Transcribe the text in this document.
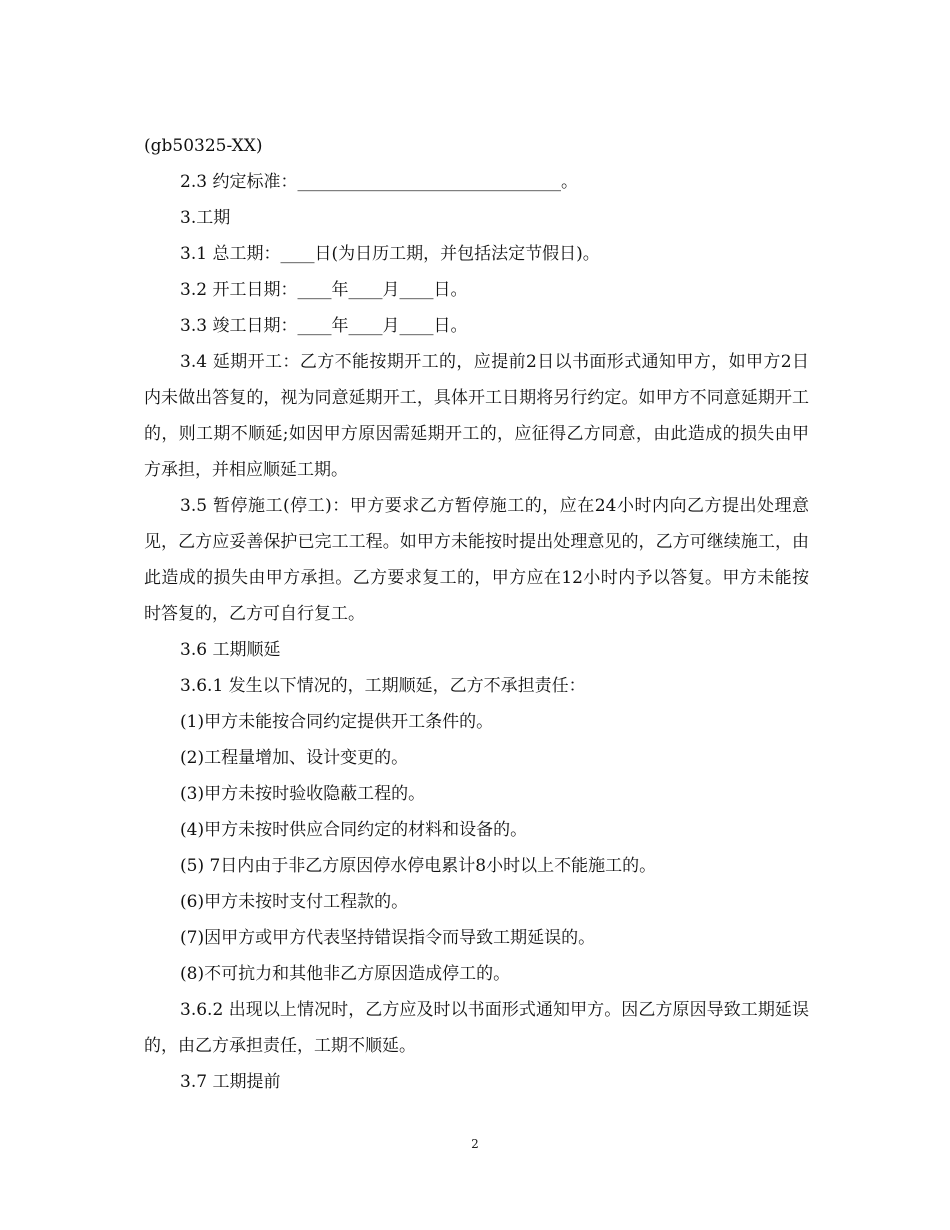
(gb50325-XX)

2.3 约定标准：_______________________________。

3.工期

3.1 总工期：____日(为日历工期，并包括法定节假日)。

3.2 开工日期：____年____月____日。

3.3 竣工日期：____年____月____日。

3.4 延期开工：乙方不能按期开工的，应提前2日以书面形式通知甲方，如甲方2日内未做出答复的，视为同意延期开工，具体开工日期将另行约定。如甲方不同意延期开工的，则工期不顺延;如因甲方原因需延期开工的，应征得乙方同意，由此造成的损失由甲方承担，并相应顺延工期。

3.5 暂停施工(停工)：甲方要求乙方暂停施工的，应在24小时内向乙方提出处理意见，乙方应妥善保护已完工工程。如甲方未能按时提出处理意见的，乙方可继续施工，由此造成的损失由甲方承担。乙方要求复工的，甲方应在12小时内予以答复。甲方未能按时答复的，乙方可自行复工。

3.6 工期顺延

3.6.1 发生以下情况的，工期顺延，乙方不承担责任：

(1)甲方未能按合同约定提供开工条件的。

(2)工程量增加、设计变更的。

(3)甲方未按时验收隐蔽工程的。

(4)甲方未按时供应合同约定的材料和设备的。

(5) 7日内由于非乙方原因停水停电累计8小时以上不能施工的。

(6)甲方未按时支付工程款的。

(7)因甲方或甲方代表坚持错误指令而导致工期延误的。

(8)不可抗力和其他非乙方原因造成停工的。

3.6.2 出现以上情况时，乙方应及时以书面形式通知甲方。因乙方原因导致工期延误的，由乙方承担责任，工期不顺延。

3.7 工期提前

2
